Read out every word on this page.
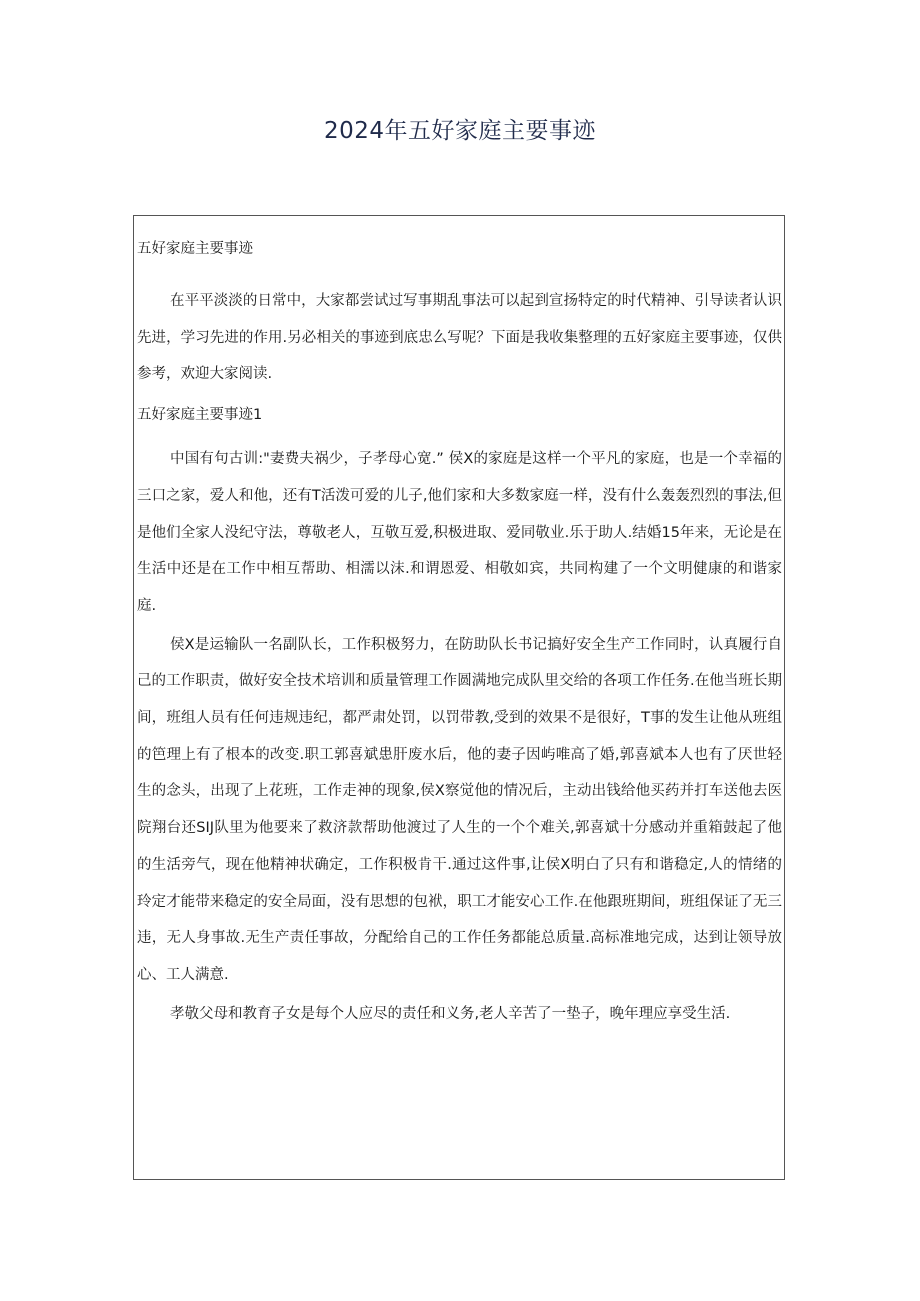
2024年五好家庭主要事迹

五好家庭主要事迹

在平平淡淡的日常中，大家都尝试过写事期乱事法可以起到宣扬特定的时代精神、引导读者认识先进，学习先进的作用.另必相关的事迹到底忠么写呢？下面是我收集整理的五好家庭主要事迹，仅供参考，欢迎大家阅读.

五好家庭主要事迹1

中国有句古训:"妻费夫祸少，子孝母心宽.” 侯X的家庭是这样一个平凡的家庭，也是一个幸福的三口之家，爱人和他，还有T活泼可爱的儿子,他们家和大多数家庭一样，没有什么轰轰烈烈的事法,但是他们全家人没纪守法，尊敬老人，互敬互爱,积极进取、爱同敬业.乐于助人.结婚15年来，无论是在生活中还是在工作中相互帮助、相濡以沫.和谓恩爱、相敬如宾，共同构建了一个文明健康的和谐家庭.

侯X是运输队一名副队长，工作积极努力，在防助队长书记搞好安全生产工作同时，认真履行自己的工作职责，做好安全技术培训和质量管理工作圆满地完成队里交给的各项工作任务.在他当班长期间，班组人员有任何违规违纪，都严肃处罚，以罚带教,受到的效果不是很好，T事的发生让他从班组的笆理上有了根本的改变.职工郭喜斌患肝废水后，他的妻子因屿唯高了婚,郭喜斌本人也有了厌世轻生的念头，出现了上花班，工作走神的现象,侯X察觉他的情况后，主动出钱给他买药并打车送他去医院翔台还SIJ队里为他要来了救济款帮助他渡过了人生的一个个难关,郭喜斌十分感动并重箱鼓起了他的生活旁气，现在他精神状确定，工作积极肯干.通过这件事,让侯X明白了只有和谐稳定,人的情绪的玲定才能带来稳定的安全局面，没有思想的包袱，职工才能安心工作.在他跟班期间，班组保证了无三违，无人身事故.无生产责任事故，分配给自己的工作任务都能总质量.高标准地完成，达到让领导放心、工人满意.

孝敬父母和教育子女是每个人应尽的责任和义务,老人辛苦了一垫子，晚年理应享受生活.
